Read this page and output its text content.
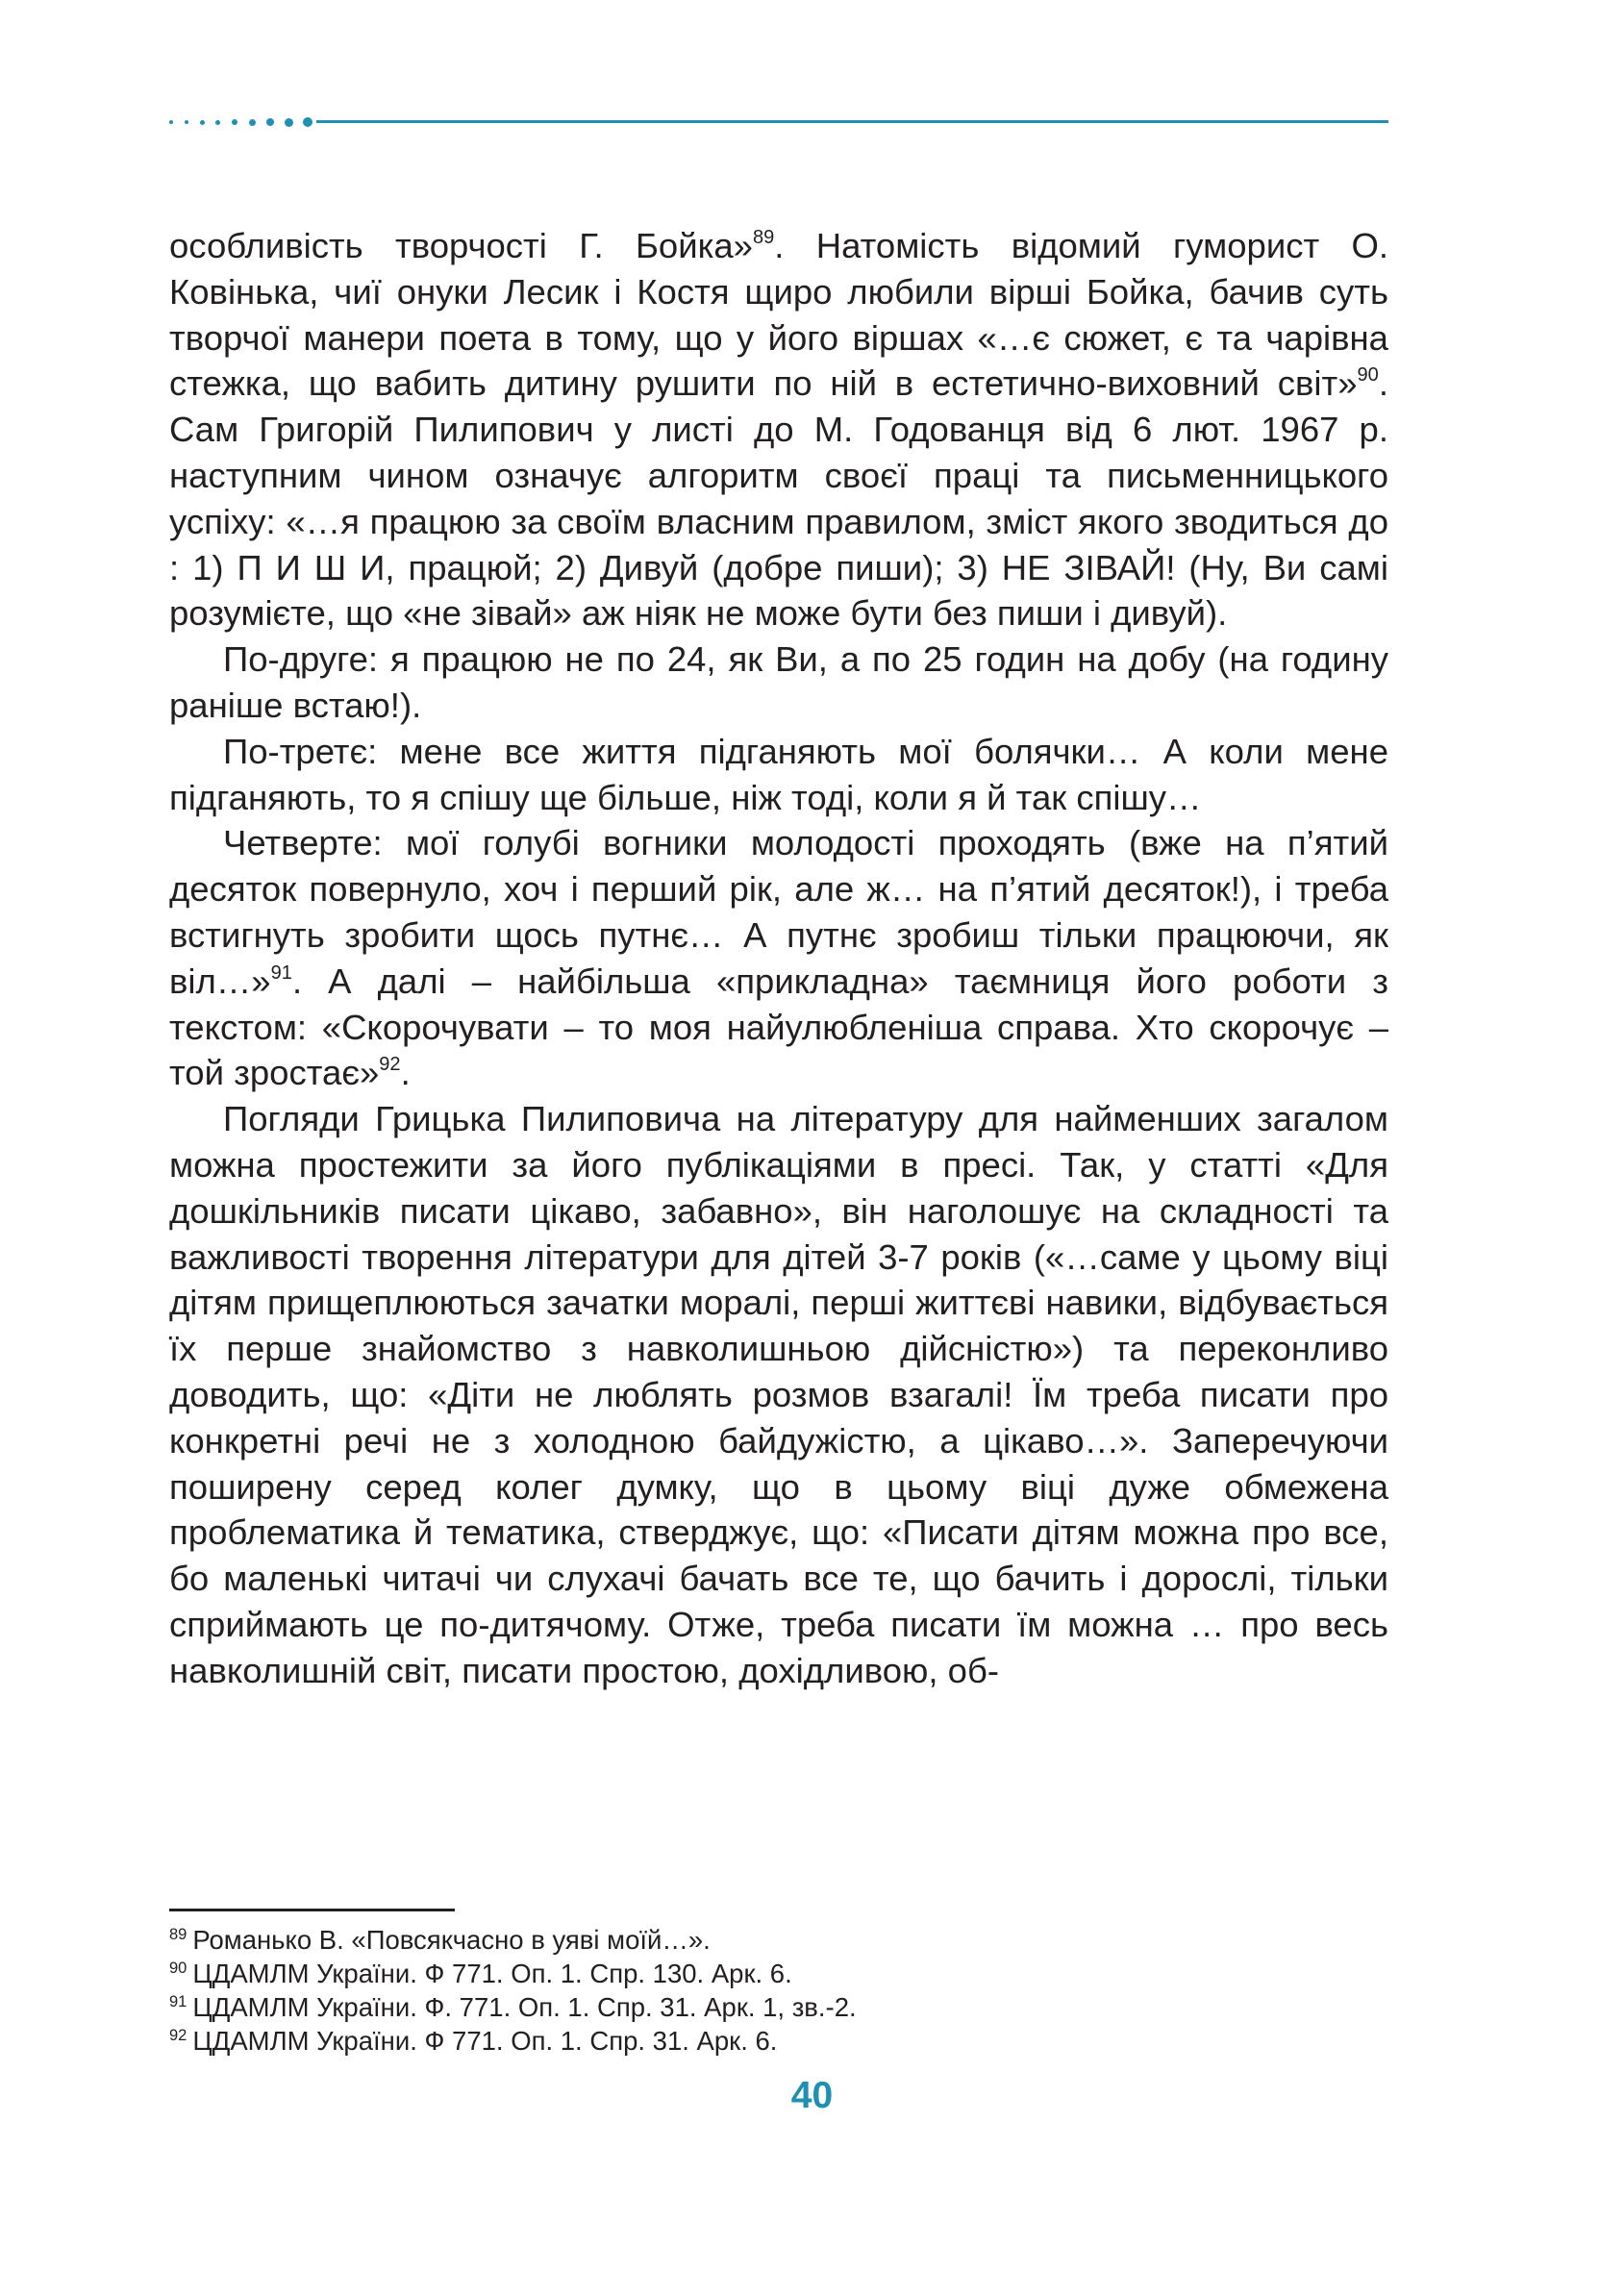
особливість творчості Г. Бойка»$^{89}$. Натомість відомий гуморист О. Ковінька, чиї онуки Лесик і Костя щиро любили вірші Бойка, бачив суть творчої манери поета в тому, що у його віршах «…є сюжет, є та чарівна стежка, що вабить дитину рушити по ній в естетично-виховний світ»$^{90}$. Сам Григорій Пилипович у листі до М. Годованця від 6 лют. 1967 р. наступним чином означує алгоритм своєї праці та письменницького успіху: «…я працюю за своїм власним правилом, зміст якого зводиться до : 1) П И Ш И, працюй; 2) Дивуй (добре пиши); 3) НЕ ЗІВАЙ! (Ну, Ви самі розумієте, що «не зівай» аж ніяк не може бути без пиши і дивуй).

По-друге: я працюю не по 24, як Ви, а по 25 годин на добу (на годину раніше встаю!).

По-третє: мене все життя підганяють мої болячки… А коли мене підганяють, то я спішу ще більше, ніж тоді, коли я й так спішу…

Четверте: мої голубі вогники молодості проходять (вже на п’ятий десяток повернуло, хоч і перший рік, але ж… на п’ятий десяток!), і треба встигнуть зробити щось путнє… А путнє зробиш тільки працюючи, як віл…»$^{91}$. А далі – найбільша «прикладна» таємниця його роботи з текстом: «Скорочувати – то моя найулюбленіша справа. Хто скорочує – той зростає»$^{92}$.

Погляди Грицька Пилиповича на літературу для найменших загалом можна простежити за його публікаціями в пресі. Так, у статті «Для дошкільників писати цікаво, забавно», він наголошує на складності та важливості творення літератури для дітей 3-7 років («…саме у цьому віці дітям прищеплюються зачатки моралі, перші життєві навики, відбувається їх перше знайомство з навколишньою дійсністю») та переконливо доводить, що: «Діти не люблять розмов взагалі! Їм треба писати про конкретні речі не з холодною байдужістю, а цікаво…». Заперечуючи поширену серед колег думку, що в цьому віці дуже обмежена проблематика й тематика, стверджує, що: «Писати дітям можна про все, бо маленькі читачі чи слухачі бачать все те, що бачить і дорослі, тільки сприймають це по-дитячому. Отже, треба писати їм можна … про весь навколишній світ, писати простою, дохідливою, об-

$^{89}$ Романько В. «Повсякчасно в уяві моїй…».
$^{90}$ ЦДАМЛМ України. Ф 771. Оп. 1. Спр. 130. Арк. 6.
$^{91}$ ЦДАМЛМ України. Ф. 771. Оп. 1. Спр. 31. Арк. 1, зв.-2.
$^{92}$ ЦДАМЛМ України. Ф 771. Оп. 1. Спр. 31. Арк. 6.
40
